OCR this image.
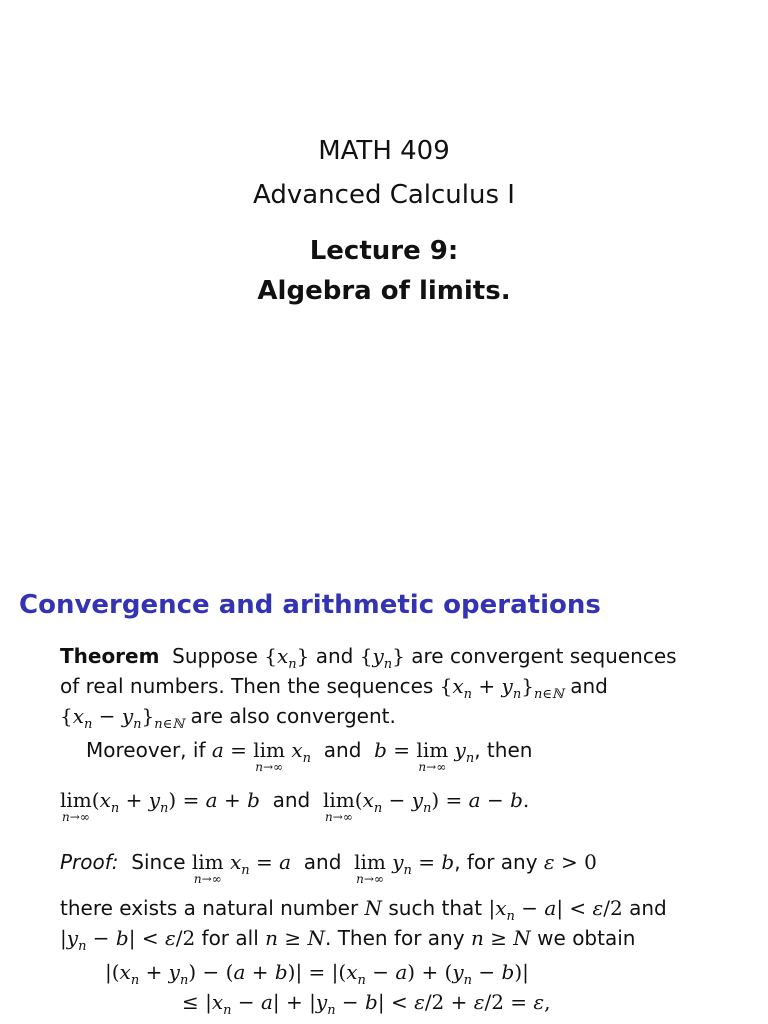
MATH 409
Advanced Calculus I
Lecture 9:
Algebra of limits.
Convergence and arithmetic operations
Theorem Suppose $\{x_n\}$ and $\{y_n\}$ are convergent sequences
of real numbers. Then the sequences $\{x_n + y_n\}_{n\in ℕ}$ and
$\{x_n - y_n\}_{n\in ℕ}$ are also convergent.
Moreover, if a = lim
n→∞
$x_n$ and b = lim
n→∞
$y_n$, then
lim
n→∞
$(x_n + y_n) = a + b$ and lim
n→∞
$(x_n - y_n) = a - b$.
Proof: Since lim
n→∞
$x_n = a$ and lim
n→∞
$y_n = b$, for any ε > 0
there exists a natural number N such that $|x_n - a| < \varepsilon/2$ and
$|y_n - b| < \varepsilon/2$ for all n ≥ N. Then for any n ≥ N we obtain
$|(x_n + y_n) - (a + b)| = |(x_n - a) + (y_n - b)|$
≤ $|x_n - a| + |y_n - b| < \varepsilon/2 + \varepsilon/2 = \varepsilon$,
